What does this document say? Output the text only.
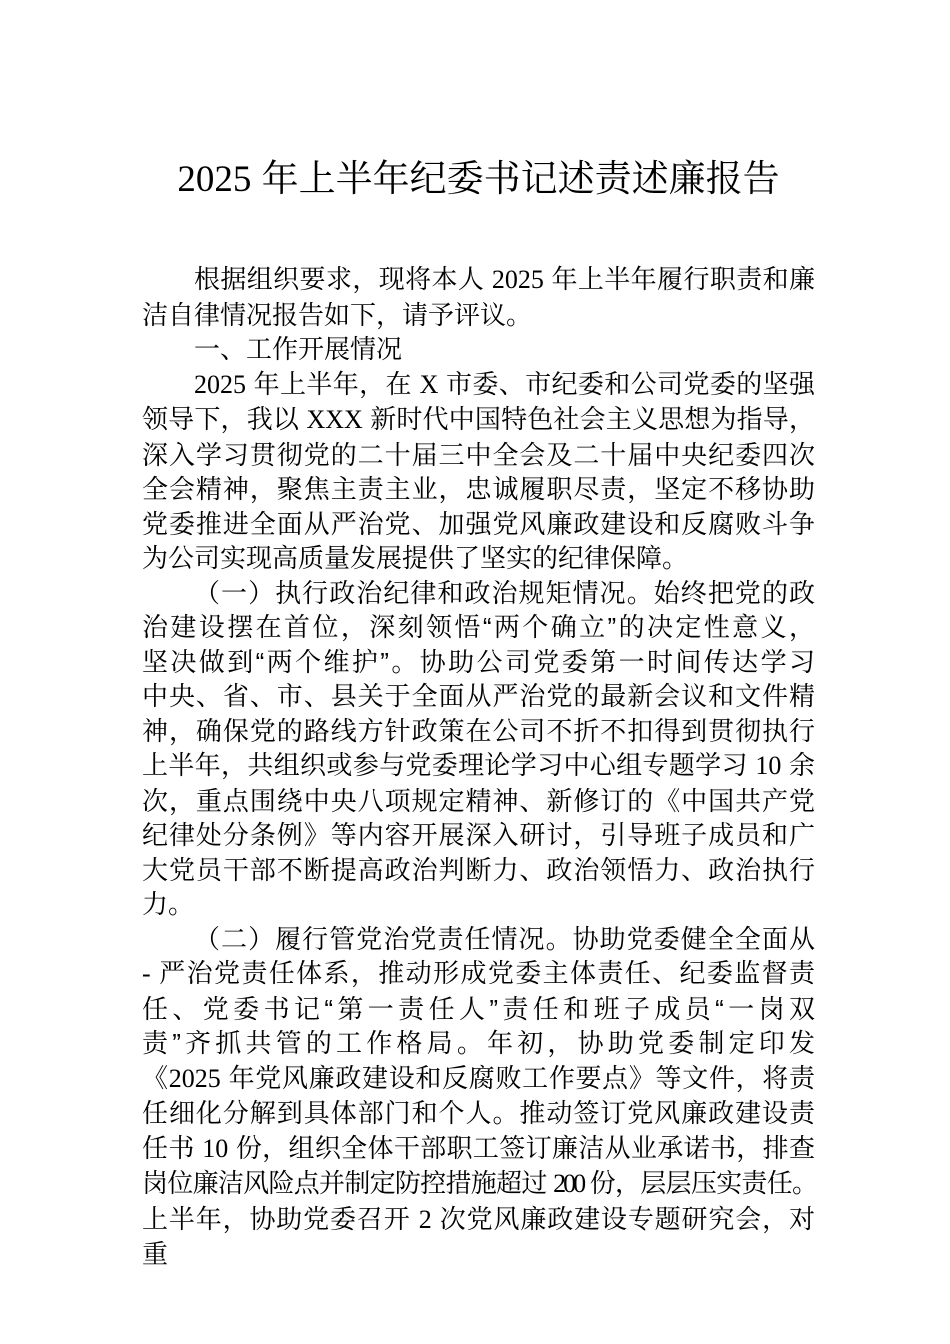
2025 年上半年纪委书记述责述廉报告
根据组织要求，现将本人 2025 年上半年履行职责和廉
洁自律情况报告如下，请予评议。
一、工作开展情况
2025 年上半年，在 X 市委、市纪委和公司党委的坚强
领导下，我以 XXX 新时代中国特色社会主义思想为指导，
深入学习贯彻党的二十届三中全会及二十届中央纪委四次
全会精神，聚焦主责主业，忠诚履职尽责，坚定不移协助
党委推进全面从严治党、加强党风廉政建设和反腐败斗争
为公司实现高质量发展提供了坚实的纪律保障。
（一）执行政治纪律和政治规矩情况。始终把党的政
治建设摆在首位，深刻领悟“两个确立”的决定性意义，
坚决做到“两个维护”。协助公司党委第一时间传达学习
中央、省、市、县关于全面从严治党的最新会议和文件精
神，确保党的路线方针政策在公司不折不扣得到贯彻执行
上半年，共组织或参与党委理论学习中心组专题学习 10 余
次，重点围绕中央八项规定精神、新修订的《中国共产党
纪律处分条例》等内容开展深入研讨，引导班子成员和广
大党员干部不断提高政治判断力、政治领悟力、政治执行
力。
（二）履行管党治党责任情况。协助党委健全全面从
- 严治党责任体系，推动形成党委主体责任、纪委监督责
任、党委书记“第一责任人”责任和班子成员“一岗双
责”齐抓共管的工作格局。年初，协助党委制定印发
《2025 年党风廉政建设和反腐败工作要点》等文件，将责
任细化分解到具体部门和个人。推动签订党风廉政建设责
任书 10 份，组织全体干部职工签订廉洁从业承诺书，排查
岗位廉洁风险点并制定防控措施超过 200 份，层层压实责任。
上半年，协助党委召开 2 次党风廉政建设专题研究会，对重
